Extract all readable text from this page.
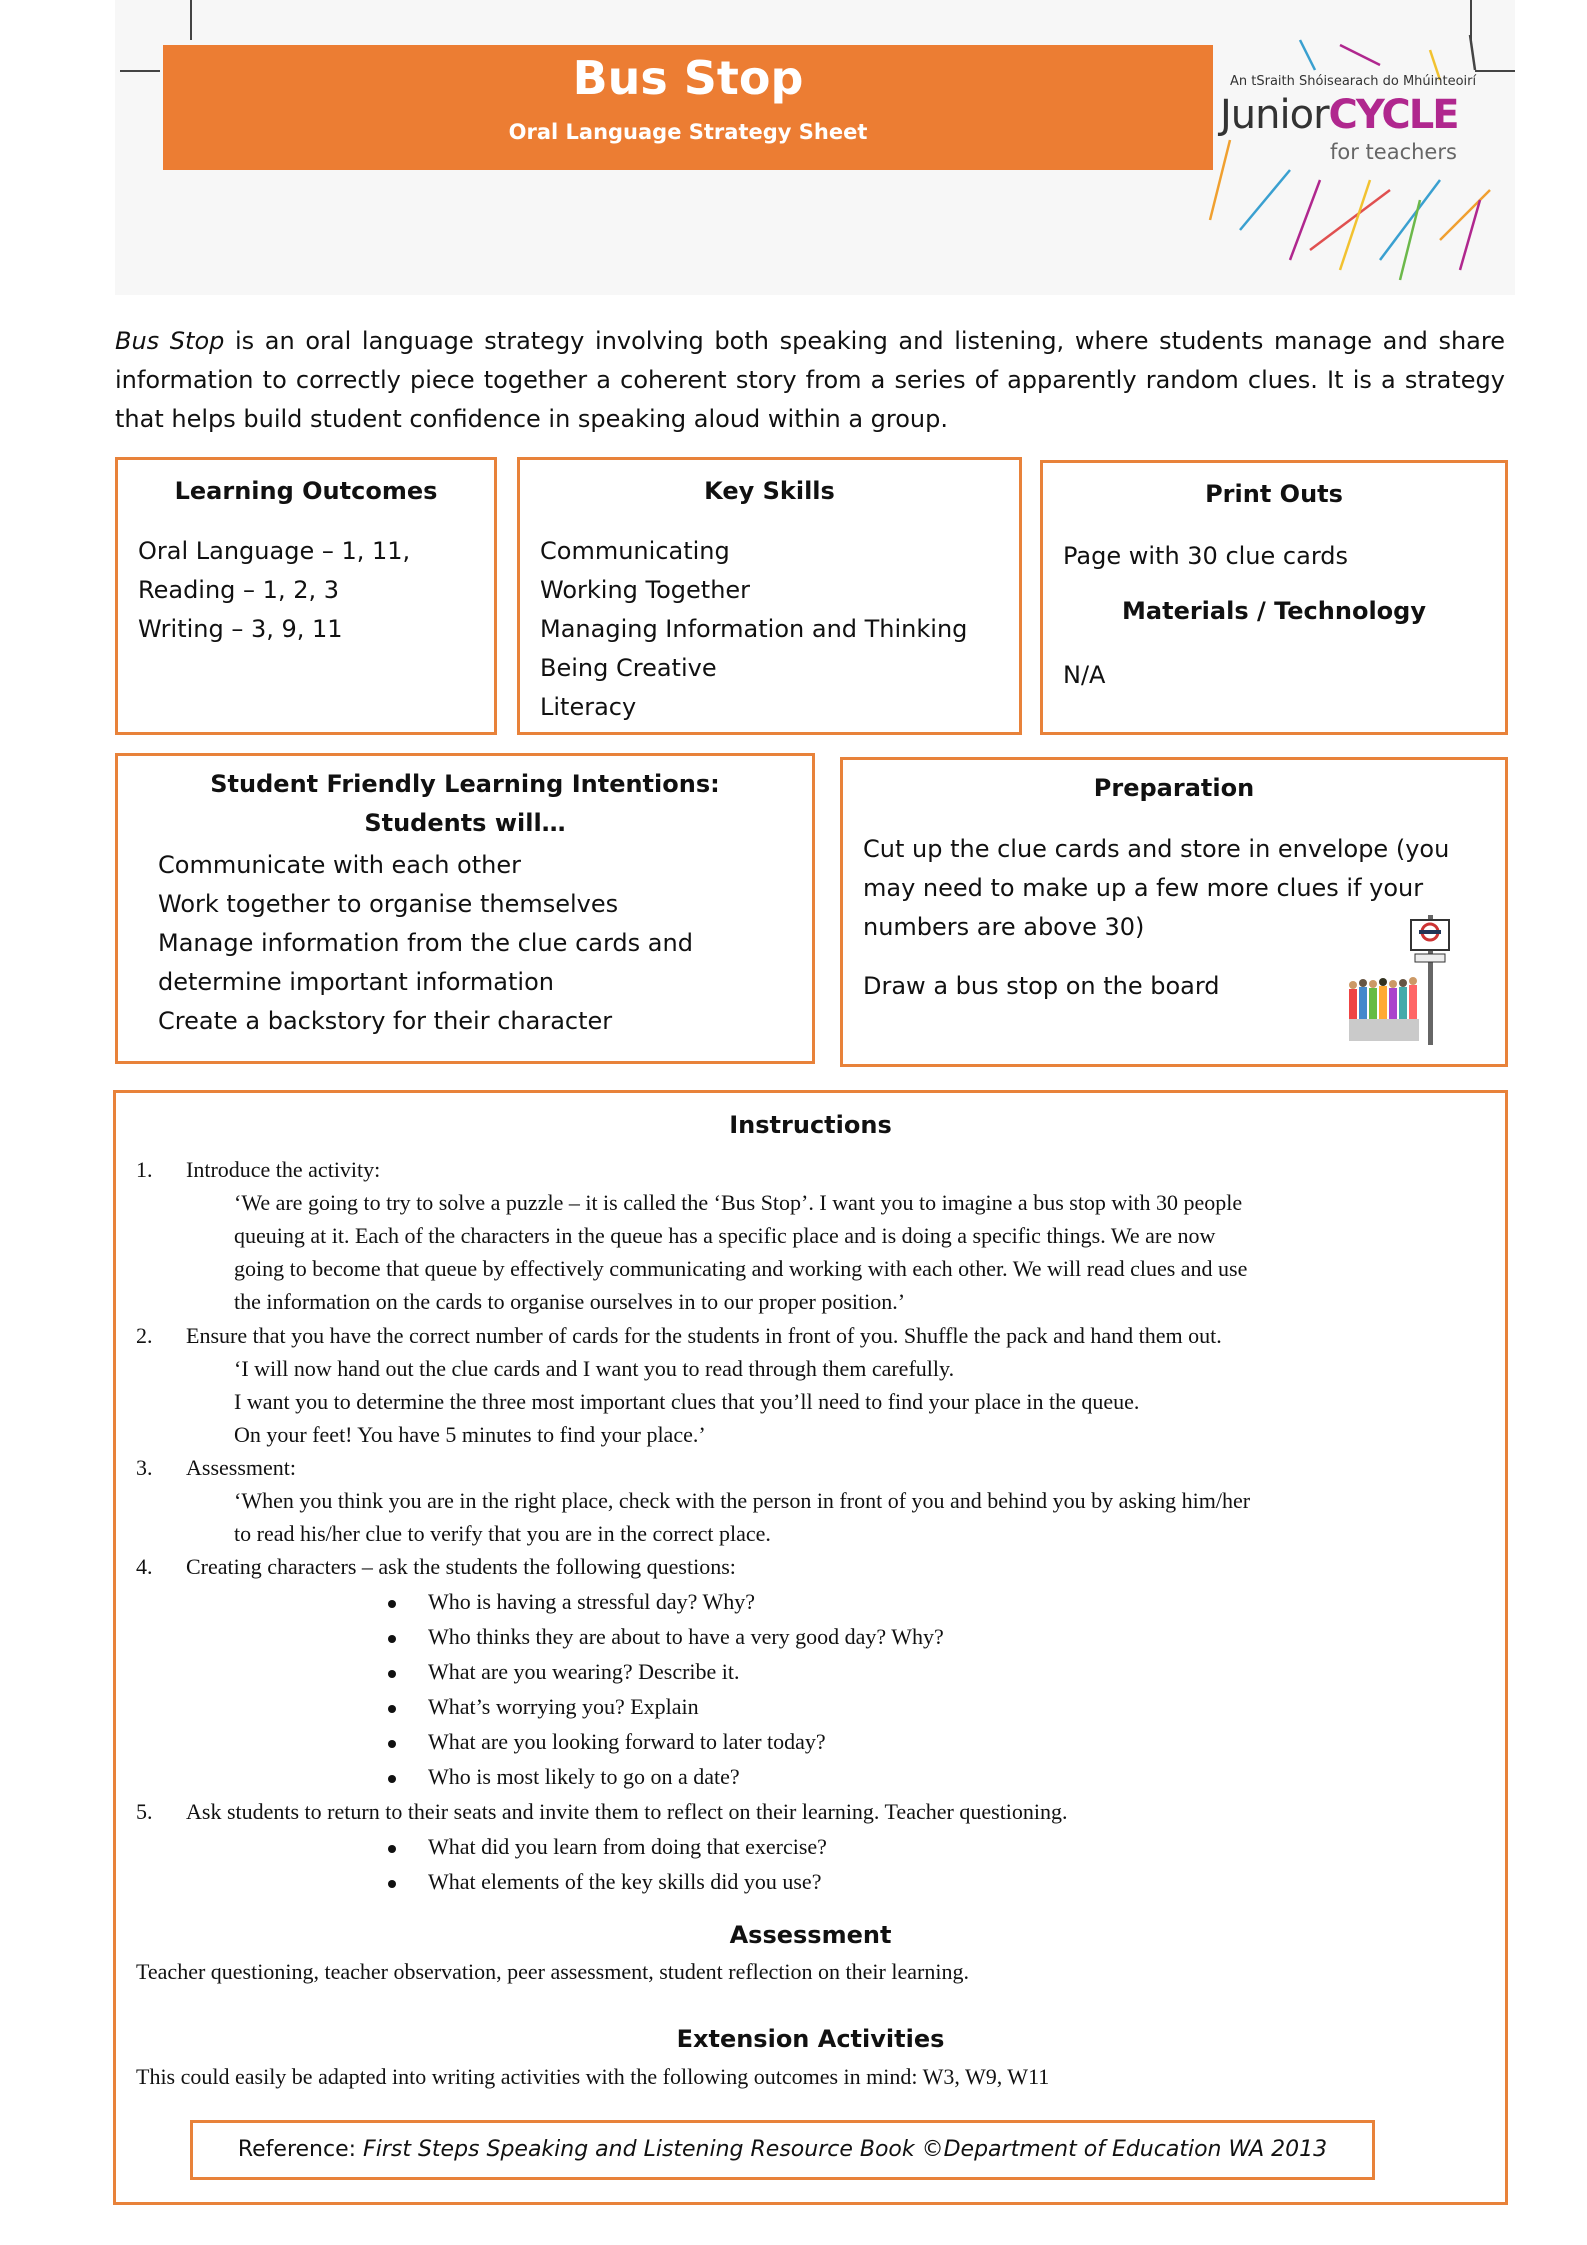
Bus Stop
Oral Language Strategy Sheet
An tSraith Shóisearach do Mhúinteoirí
JuniorCYCLE
for teachers
Bus Stop is an oral language strategy involving both speaking and listening, where students manage and share information to correctly piece together a coherent story from a series of apparently random clues. It is a strategy that helps build student confidence in speaking aloud within a group.
Learning Outcomes
Oral Language – 1, 11,
Reading – 1, 2, 3
Writing – 3, 9, 11
Key Skills
Communicating
Working Together
Managing Information and Thinking
Being Creative
Literacy
Print Outs
Page with 30 clue cards
Materials / Technology
N/A
Student Friendly Learning Intentions:
Students will…
Communicate with each other
Work together to organise themselves
Manage information from the clue cards and
determine important information
Create a backstory for their character
Preparation
Cut up the clue cards and store in envelope (you
may need to make up a few more clues if your
numbers are above 30)
Draw a bus stop on the board
Instructions
1. Introduce the activity:
‘We are going to try to solve a puzzle – it is called the ‘Bus Stop’. I want you to imagine a bus stop with 30 people
queuing at it. Each of the characters in the queue has a specific place and is doing a specific things. We are now
going to become that queue by effectively communicating and working with each other. We will read clues and use
the information on the cards to organise ourselves in to our proper position.’
2. Ensure that you have the correct number of cards for the students in front of you. Shuffle the pack and hand them out.
‘I will now hand out the clue cards and I want you to read through them carefully.
I want you to determine the three most important clues that you’ll need to find your place in the queue.
On your feet! You have 5 minutes to find your place.’
3. Assessment:
‘When you think you are in the right place, check with the person in front of you and behind you by asking him/her
to read his/her clue to verify that you are in the correct place.
4. Creating characters – ask the students the following questions:
Who is having a stressful day? Why?
Who thinks they are about to have a very good day? Why?
What are you wearing? Describe it.
What’s worrying you? Explain
What are you looking forward to later today?
Who is most likely to go on a date?
5. Ask students to return to their seats and invite them to reflect on their learning. Teacher questioning.
What did you learn from doing that exercise?
What elements of the key skills did you use?
Assessment
Teacher questioning, teacher observation, peer assessment, student reflection on their learning.
Extension Activities
This could easily be adapted into writing activities with the following outcomes in mind: W3, W9, W11
Reference: First Steps Speaking and Listening Resource Book ©Department of Education WA 2013
